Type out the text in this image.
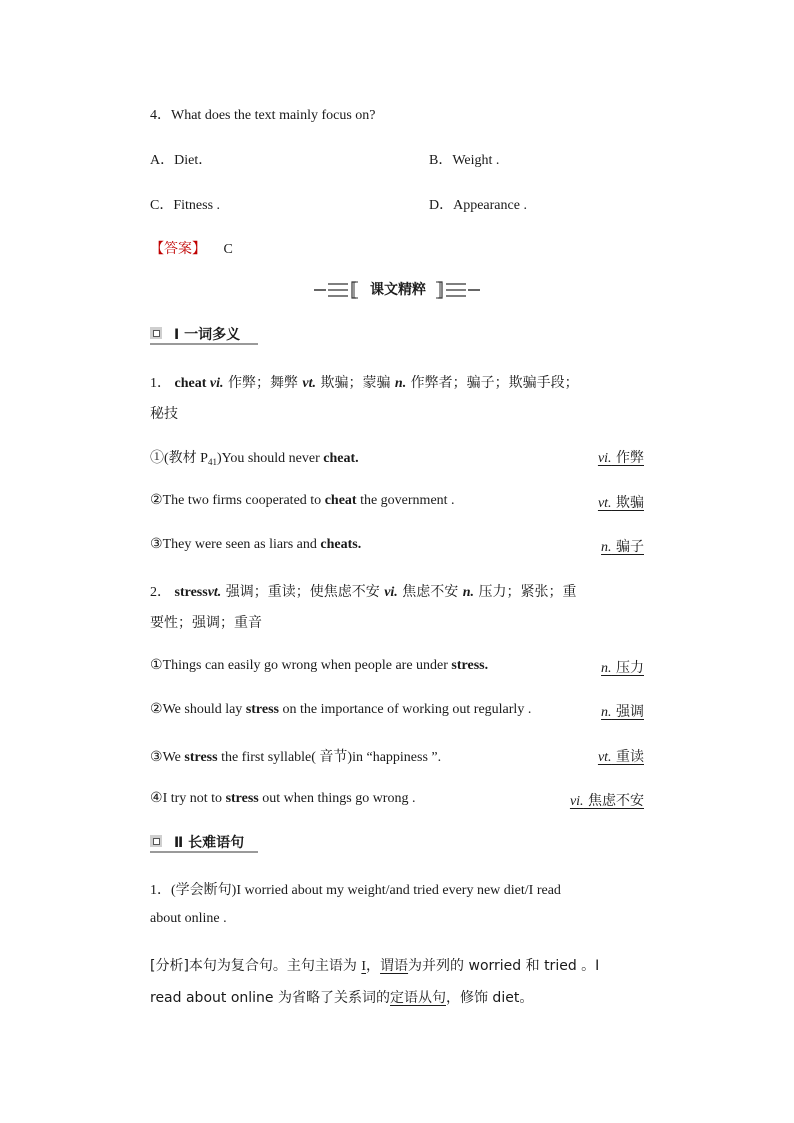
4．What does the text mainly focus on?
A．Diet．	B．Weight .
C．Fitness .	D．Appearance .
【答案】 C
课文精粹
Ⅰ 一词多义
1． cheat vi. 作弊；舞弊 vt. 欺骗；蒙骗 n. 作弊者；骗子；欺骗手段；
秘技
①(教材 $P_{41})You$ should never cheat.	vi. 作弊
②The two firms cooperated to cheat the government .	vt. 欺骗
③They were seen as liars and cheats.	n. 骗子
2． stressvt. 强调；重读；使焦虑不安 vi. 焦虑不安 n. 压力；紧张；重
要性；强调；重音
①Things can easily go wrong when people are under stress.	n. 压力
②We should lay stress on the importance of working out regularly .	n. 强调
③We stress the first syllable( 音节)in “happiness ”.	vt. 重读
④I try not to stress out when things go wrong .	vi. 焦虑不安
Ⅱ 长难语句
1．(学会断句)I worried about my weight/and tried every new diet/I read
about online .
[分析]本句为复合句。主句主语为 I，谓语为并列的 worried 和 tried 。I
read about online 为省略了关系词的定语从句，修饰 diet。
